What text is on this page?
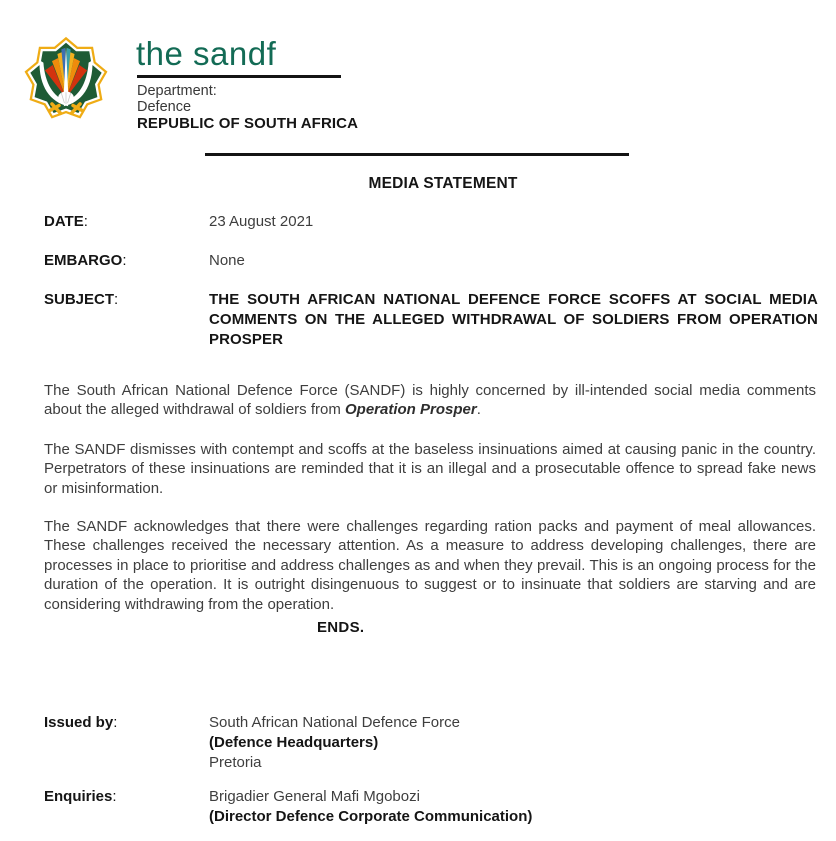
the sandf
Department:
Defence
REPUBLIC OF SOUTH AFRICA
MEDIA STATEMENT
DATE:	23 August 2021
EMBARGO:	None
SUBJECT:	THE SOUTH AFRICAN NATIONAL DEFENCE FORCE SCOFFS AT SOCIAL MEDIA COMMENTS ON THE ALLEGED WITHDRAWAL OF SOLDIERS FROM OPERATION PROSPER

The South African National Defence Force (SANDF) is highly concerned by ill-intended social media comments about the alleged withdrawal of soldiers from Operation Prosper.

The SANDF dismisses with contempt and scoffs at the baseless insinuations aimed at causing panic in the country. Perpetrators of these insinuations are reminded that it is an illegal and a prosecutable offence to spread fake news or misinformation.

The SANDF acknowledges that there were challenges regarding ration packs and payment of meal allowances. These challenges received the necessary attention. As a measure to address developing challenges, there are processes in place to prioritise and address challenges as and when they prevail. This is an ongoing process for the duration of the operation. It is outright disingenuous to suggest or to insinuate that soldiers are starving and are considering withdrawing from the operation.

ENDS.
Issued by:	South African National Defence Force
(Defence Headquarters)
Pretoria
Enquiries:	Brigadier General Mafi Mgobozi
(Director Defence Corporate Communication)
